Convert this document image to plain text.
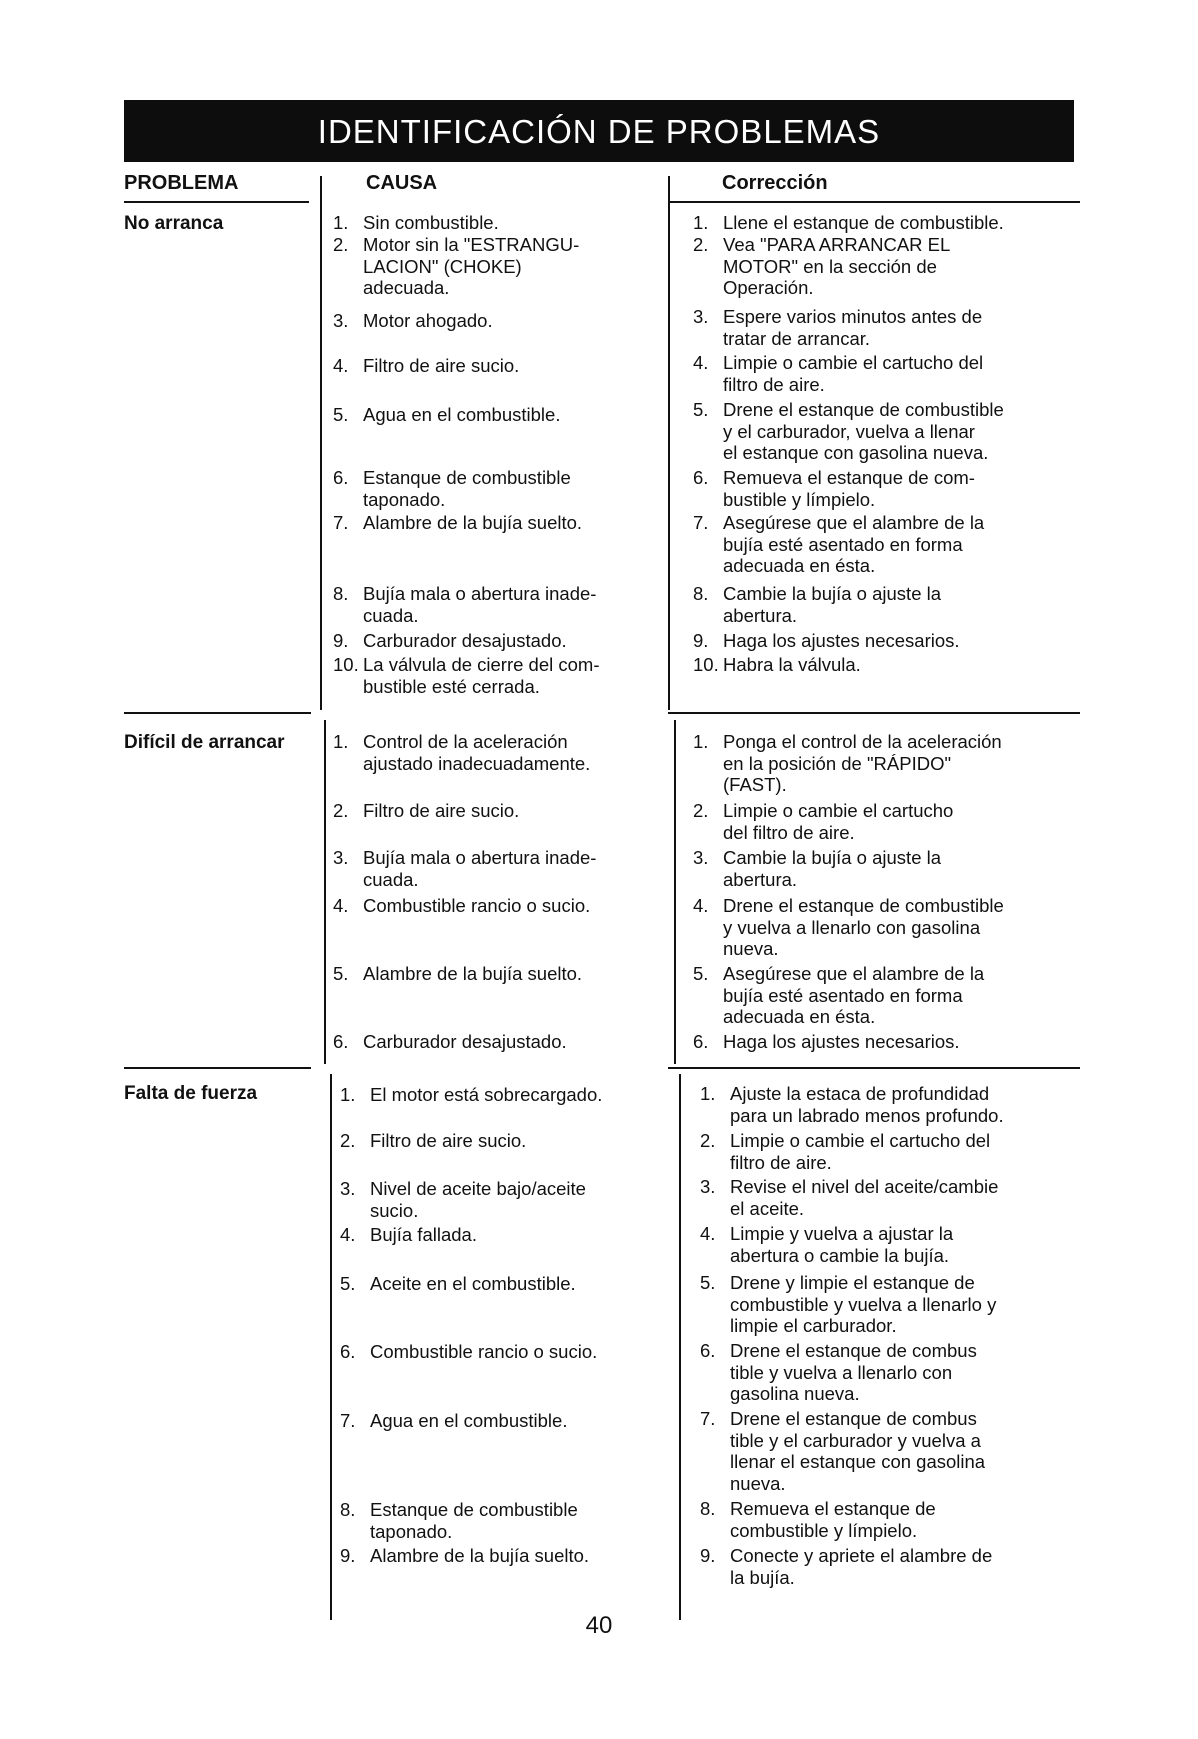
IDENTIFICACIÓN DE PROBLEMAS
PROBLEMA	CAUSA	Corrección
No arranca
Difícil de arrancar
Falta de fuerza
1. Sin combustible.
2. Motor sin la "ESTRANGU-
LACION" (CHOKE)
adecuada.
3. Motor ahogado.
4. Filtro de aire sucio.
5. Agua en el combustible.
6. Estanque de combustible
taponado.
7. Alambre de la bujía suelto.
8. Bujía mala o abertura inade-
cuada.
9. Carburador desajustado.
10. La válvula de cierre del com-
bustible esté cerrada.
1. Llene el estanque de combustible.
2. Vea "PARA ARRANCAR EL
MOTOR" en la sección de
Operación.
3. Espere varios minutos antes de
tratar de arrancar.
4. Limpie o cambie el cartucho del
filtro de aire.
5. Drene el estanque de combustible
y el carburador, vuelva a llenar
el estanque con gasolina nueva.
6. Remueva el estanque de com-
bustible y límpielo.
7. Asegúrese que el alambre de la
bujía esté asentado en forma
adecuada en ésta.
8. Cambie la bujía o ajuste la
abertura.
9. Haga los ajustes necesarios.
10. Habra la válvula.
1. Control de la aceleración
ajustado inadecuadamente.
2. Filtro de aire sucio.
3. Bujía mala o abertura inade-
cuada.
4. Combustible rancio o sucio.
5. Alambre de la bujía suelto.
6. Carburador desajustado.
1. Ponga el control de la aceleración
en la posición de "RÁPIDO"
(FAST).
2. Limpie o cambie el cartucho
del filtro de aire.
3. Cambie la bujía o ajuste la
abertura.
4. Drene el estanque de combustible
y vuelva a llenarlo con gasolina
nueva.
5. Asegúrese que el alambre de la
bujía esté asentado en forma
adecuada en ésta.
6. Haga los ajustes necesarios.
1. El motor está sobrecargado.
2. Filtro de aire sucio.
3. Nivel de aceite bajo/aceite
sucio.
4. Bujía fallada.
5. Aceite en el combustible.
6. Combustible rancio o sucio.
7. Agua en el combustible.
8. Estanque de combustible
taponado.
9. Alambre de la bujía suelto.
1. Ajuste la estaca de profundidad
para un labrado menos profundo.
2. Limpie o cambie el cartucho del
filtro de aire.
3. Revise el nivel del aceite/cambie
el aceite.
4. Limpie y vuelva a ajustar la
abertura o cambie la bujía.
5. Drene y limpie el estanque de
combustible y vuelva a llenarlo y
limpie el carburador.
6. Drene el estanque de combus
tible y vuelva a llenarlo con
gasolina nueva.
7. Drene el estanque de combus
tible y el carburador y vuelva a
llenar el estanque con gasolina
nueva.
8. Remueva el estanque de
combustible y límpielo.
9. Conecte y apriete el alambre de
la bujía.
40
